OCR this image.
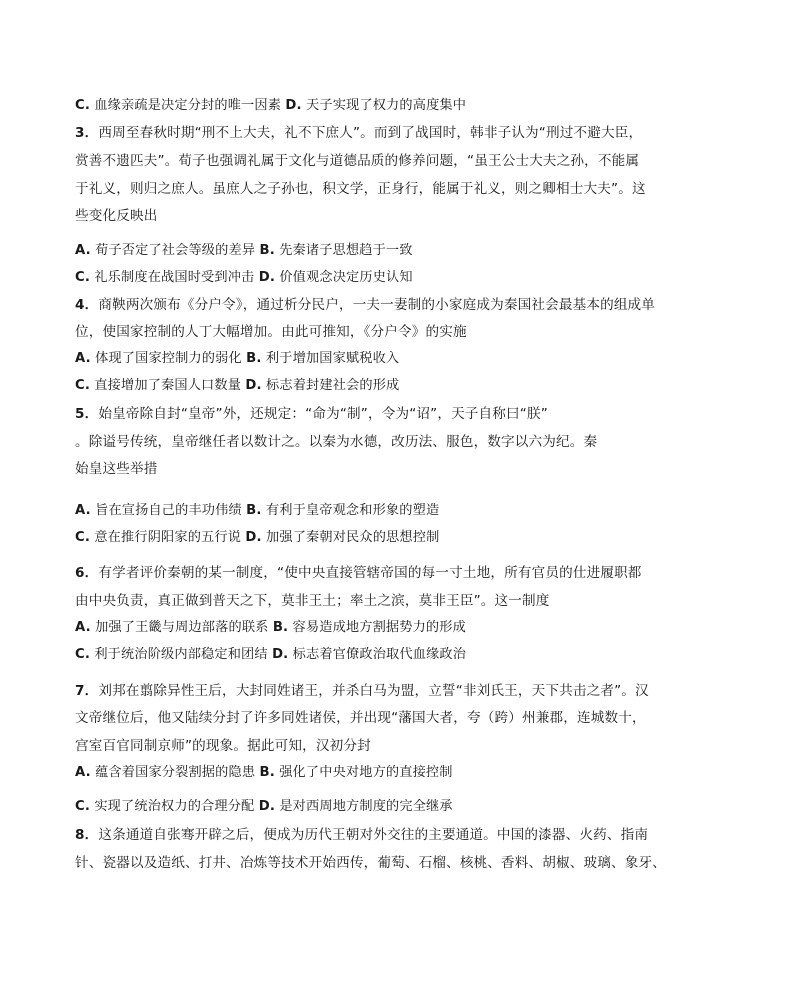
C. 血缘亲疏是决定分封的唯一因素 D. 天子实现了权力的高度集中
3．西周至春秋时期“刑不上大夫，礼不下庶人”。而到了战国时，韩非子认为“刑过不避大臣，
赏善不遗匹夫”。荀子也强调礼属于文化与道德品质的修养问题，“虽王公士大夫之孙，不能属
于礼义，则归之庶人。虽庶人之子孙也，积文学，正身行，能属于礼义，则之卿相士大夫”。这
些变化反映出
A. 荀子否定了社会等级的差异 B. 先秦诸子思想趋于一致
C. 礼乐制度在战国时受到冲击 D. 价值观念决定历史认知
4．商鞅两次颁布《分户令》，通过析分民户，一夫一妻制的小家庭成为秦国社会最基本的组成单
位，使国家控制的人丁大幅增加。由此可推知，《分户令》的实施
A. 体现了国家控制力的弱化 B. 利于增加国家赋税收入
C. 直接增加了秦国人口数量 D. 标志着封建社会的形成
5．始皇帝除自封“皇帝”外，还规定：“命为“制”，令为“诏”，天子自称曰“朕”
。除谥号传统，皇帝继任者以数计之。以秦为水德，改历法、服色，数字以六为纪。秦
始皇这些举措
A. 旨在宣扬自己的丰功伟绩 B. 有利于皇帝观念和形象的塑造
C. 意在推行阴阳家的五行说 D. 加强了秦朝对民众的思想控制
6．有学者评价秦朝的某一制度，“使中央直接管辖帝国的每一寸土地，所有官员的仕进履职都
由中央负责，真正做到普天之下，莫非王土；率土之滨，莫非王臣”。这一制度
A. 加强了王畿与周边部落的联系 B. 容易造成地方割据势力的形成
C. 利于统治阶级内部稳定和团结 D. 标志着官僚政治取代血缘政治
7．刘邦在翦除异性王后，大封同姓诸王，并杀白马为盟，立誓“非刘氏王，天下共击之者”。汉
文帝继位后，他又陆续分封了许多同姓诸侯，并出现“藩国大者，夸（跨）州兼郡，连城数十，
宫室百官同制京师”的现象。据此可知，汉初分封
A. 蕴含着国家分裂割据的隐患 B. 强化了中央对地方的直接控制
C. 实现了统治权力的合理分配 D. 是对西周地方制度的完全继承
8．这条通道自张骞开辟之后，便成为历代王朝对外交往的主要通道。中国的漆器、火药、指南
针、瓷器以及造纸、打井、冶炼等技术开始西传，葡萄、石榴、核桃、香料、胡椒、玻璃、象牙、
